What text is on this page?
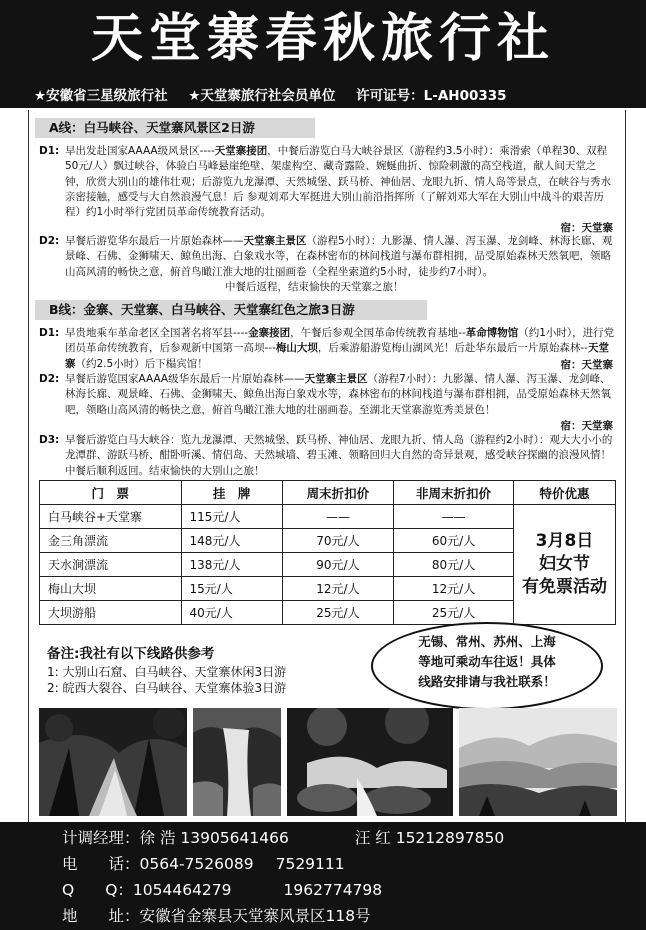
天堂寨春秋旅行社
★安徽省三星级旅行社 ★天堂寨旅行社会员单位 许可证号：L-AH00335
A线：白马峡谷、天堂寨风景区2日游
D1: 早出发赴国家AAAA级风景区----天堂寨接团，中餐后游览白马大峡谷景区（游程约3.5小时）：乘滑索（单程30、双程50元/人）飘过峡谷，体验白马峰悬崖绝壁、架虚构空、藏奇露险、婉蜒曲折、惊险刺激的高空栈道，献人间天堂之钟，欣赏大别山的雄伟壮观；后游览九龙瀑潭、天然城堡、跃马桥、神仙居、龙眼九折、情人岛等景点，在峡谷与秀水亲密接触，感受与大自然浪漫气息！后 参观刘邓大军挺进大别山前沿指挥所（了解刘邓大军在大别山中战斗的艰苦历程）约1小时举行党团员革命传统教育活动。
宿：天堂寨
D2: 早餐后游览华东最后一片原始森林——天堂寨主景区（游程5小时）：九影瀑、情人瀑、泻玉瀑、龙剑峰、林海长廊、观景峰、石佛、金狮啸天、鲸鱼出海、白象戏水等，在森林密布的林间栈道与瀑布群相拥，品受原始森林天然氧吧，领略山高风清的畅快之意，俯首鸟瞰江淮大地的壮丽画卷（全程坐索道约5小时，徒步约7小时）。
中餐后返程，结束愉快的天堂寨之旅！
B线：金寨、天堂寨、白马峡谷、天堂寨红色之旅3日游
D1: 早贵地乘车革命老区全国著名将军县----金寨接团，午餐后参观全国革命传统教育基地--革命博物馆（约1小时），进行党团员革命传统教育，后参观新中国第一高坝---梅山大坝，后乘游船游览梅山湖风光！后赴华东最后一片原始森林--天堂寨（约2.5小时）后下榻宾馆！	宿：天堂寨
D2: 早餐后游览国家AAAA级华东最后一片原始森林——天堂寨主景区（游程7小时）：九影瀑、情人瀑、泻玉瀑、龙剑峰、林海长廊、观景峰、石佛、金狮啸天、鲸鱼出海白象戏水等，森林密布的林间栈道与瀑布群相拥，品受原始森林天然氧吧，领略山高风清的畅快之意，俯首鸟瞰江淮大地的壮丽画卷。至湖北天堂寨游览秀美景色！
宿：天堂寨
D3: 早餐后游览白马大峡谷：览九龙瀑潭、天然城堡、跃马桥、神仙居、龙眼九折、情人岛（游程约2小时）：观大大小小的龙潭群、游跃马桥、酣卧听溪、情侣岛、天然城墙、碧玉滩、领略回归大自然的奇异景观，感受峡谷探幽的浪漫风情！ 中餐后顺利返回。结束愉快的大别山之旅！
门　票	挂　牌	周末折扣价	非周末折扣价	特价优惠
白马峡谷+天堂寨	115元/人	——	——	3月8日
妇女节
有免票活动

金三角漂流	148元/人	70元/人	60元/人	
天水涧漂流	138元/人	90元/人	80元/人	
梅山大坝	15元/人	12元/人	12元/人	
大坝游船	40元/人	25元/人	25元/人	
备注:我社有以下线路供参考
1: 大别山石窟、白马峡谷、天堂寨休闲3日游
2: 皖西大裂谷、白马峡谷、天堂寨体验3日游
无锡、常州、苏州、上海
等地可乘动车往返！具体
线路安排请与我社联系！
计调经理：徐 浩 13905641466	汪 红 15212897850
电　　话：0564-7526089 7529111
Q　　Q：1054464279	1962774798
地　　址：安徽省金寨县天堂寨风景区118号
